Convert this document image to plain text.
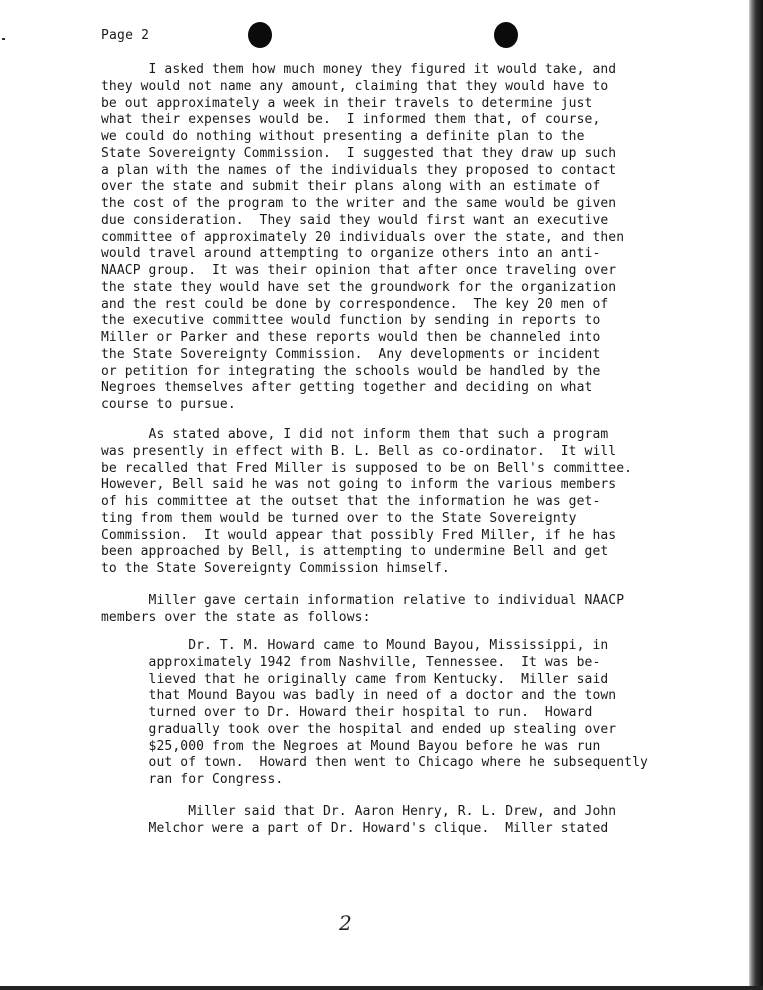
Page 2
I asked them how much money they figured it would take, and
they would not name any amount, claiming that they would have to
be out approximately a week in their travels to determine just
what their expenses would be.  I informed them that, of course,
we could do nothing without presenting a definite plan to the
State Sovereignty Commission.  I suggested that they draw up such
a plan with the names of the individuals they proposed to contact
over the state and submit their plans along with an estimate of
the cost of the program to the writer and the same would be given
due consideration.  They said they would first want an executive
committee of approximately 20 individuals over the state, and then
would travel around attempting to organize others into an anti-
NAACP group.  It was their opinion that after once traveling over
the state they would have set the groundwork for the organization
and the rest could be done by correspondence.  The key 20 men of
the executive committee would function by sending in reports to
Miller or Parker and these reports would then be channeled into
the State Sovereignty Commission.  Any developments or incident
or petition for integrating the schools would be handled by the
Negroes themselves after getting together and deciding on what
course to pursue.
As stated above, I did not inform them that such a program
was presently in effect with B. L. Bell as co-ordinator.  It will
be recalled that Fred Miller is supposed to be on Bell's committee.
However, Bell said he was not going to inform the various members
of his committee at the outset that the information he was get-
ting from them would be turned over to the State Sovereignty
Commission.  It would appear that possibly Fred Miller, if he has
been approached by Bell, is attempting to undermine Bell and get
to the State Sovereignty Commission himself.
Miller gave certain information relative to individual NAACP
members over the state as follows:
Dr. T. M. Howard came to Mound Bayou, Mississippi, in
approximately 1942 from Nashville, Tennessee.  It was be-
lieved that he originally came from Kentucky.  Miller said
that Mound Bayou was badly in need of a doctor and the town
turned over to Dr. Howard their hospital to run.  Howard
gradually took over the hospital and ended up stealing over
$25,000 from the Negroes at Mound Bayou before he was run
out of town.  Howard then went to Chicago where he subsequently
ran for Congress.
Miller said that Dr. Aaron Henry, R. L. Drew, and John
Melchor were a part of Dr. Howard's clique.  Miller stated
2
